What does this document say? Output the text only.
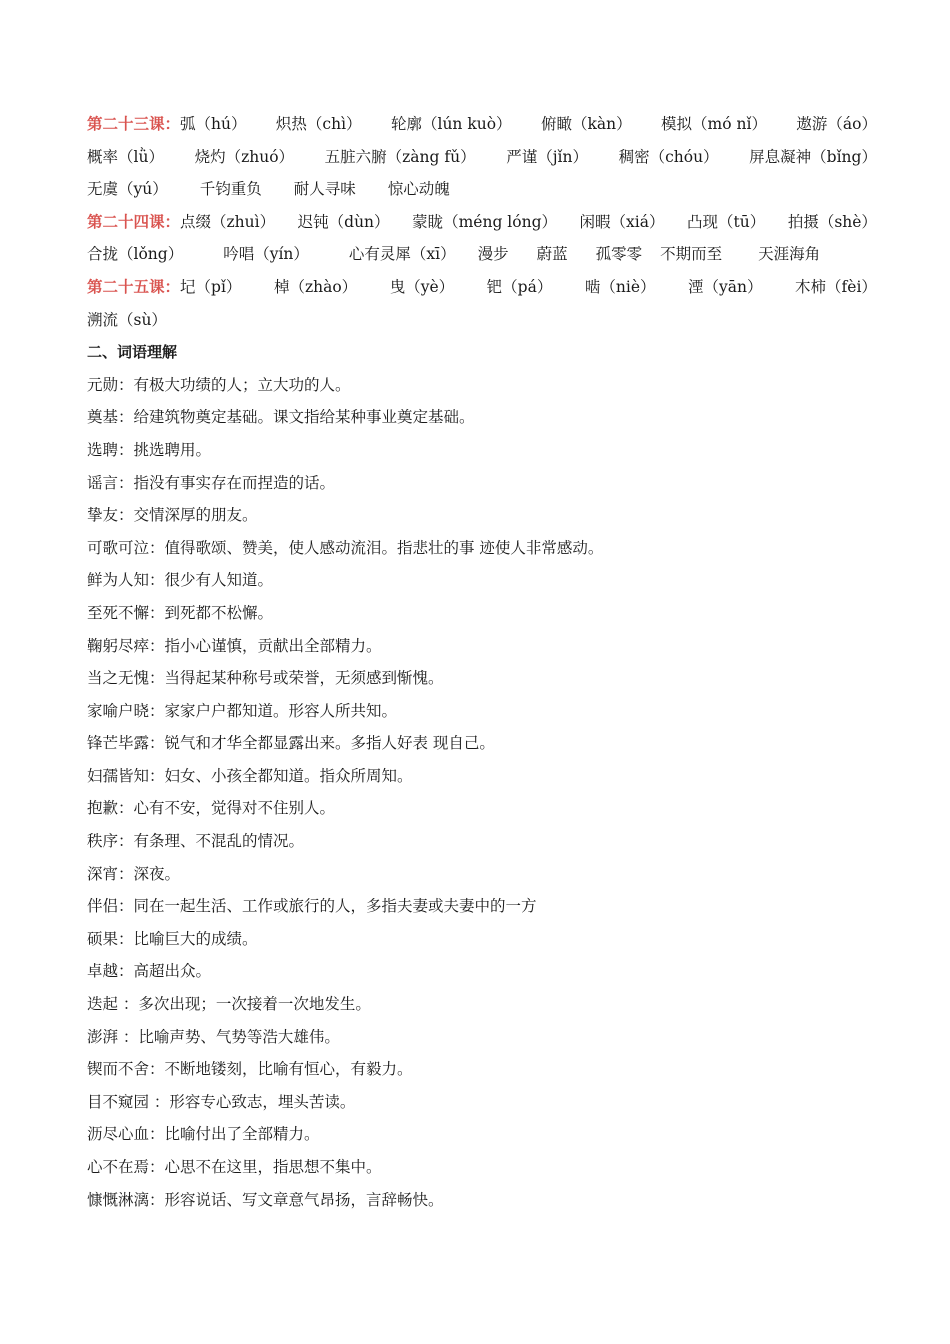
第二十三课：弧（hú） 炽热（chì） 轮廓（lún kuò） 俯瞰（kàn） 模拟（mó nǐ） 遨游（áo）
概率（lǜ） 烧灼（zhuó） 五脏六腑（zàng fǔ） 严谨（jǐn） 稠密（chóu） 屏息凝神（bǐng）
无虞（yú） 千钧重负 耐人寻味 惊心动魄
第二十四课：点缀（zhuì） 迟钝（dùn） 蒙眬（méng lóng） 闲暇（xiá） 凸现（tū） 拍摄（shè）
合拢（lǒng）	吟唱（yín）	心有灵犀（xī） 漫步 蔚蓝 孤零零 不期而至 天涯海角
第二十五课：圮（pǐ） 棹（zhào） 曳（yè） 钯（pá） 啮（niè） 湮（yān） 木柿（fèi）
溯流（sù）
二、词语理解
元勋：有极大功绩的人；立大功的人。
奠基：给建筑物奠定基础。课文指给某种事业奠定基础。
选聘：挑选聘用。
谣言：指没有事实存在而捏造的话。
挚友：交情深厚的朋友。
可歌可泣：值得歌颂、赞美，使人感动流泪。指悲壮的事 迹使人非常感动。
鲜为人知：很少有人知道。
至死不懈：到死都不松懈。
鞠躬尽瘁：指小心谨慎，贡献出全部精力。
当之无愧：当得起某种称号或荣誉，无须感到惭愧。
家喻户晓：家家户户都知道。形容人所共知。
锋芒毕露：锐气和才华全都显露出来。多指人好表 现自己。
妇孺皆知：妇女、小孩全都知道。指众所周知。
抱歉：心有不安，觉得对不住别人。
秩序：有条理、不混乱的情况。
深宵：深夜。
伴侣：同在一起生活、工作或旅行的人，多指夫妻或夫妻中的一方
硕果：比喻巨大的成绩。
卓越：高超出众。
迭起 ：多次出现；一次接着一次地发生。
澎湃 ：比喻声势、气势等浩大雄伟。
锲而不舍：不断地镂刻，比喻有恒心，有毅力。
目不窥园 ：形容专心致志，埋头苦读。
沥尽心血：比喻付出了全部精力。
心不在焉：心思不在这里，指思想不集中。
慷慨淋漓：形容说话、写文章意气昂扬，言辞畅快。
